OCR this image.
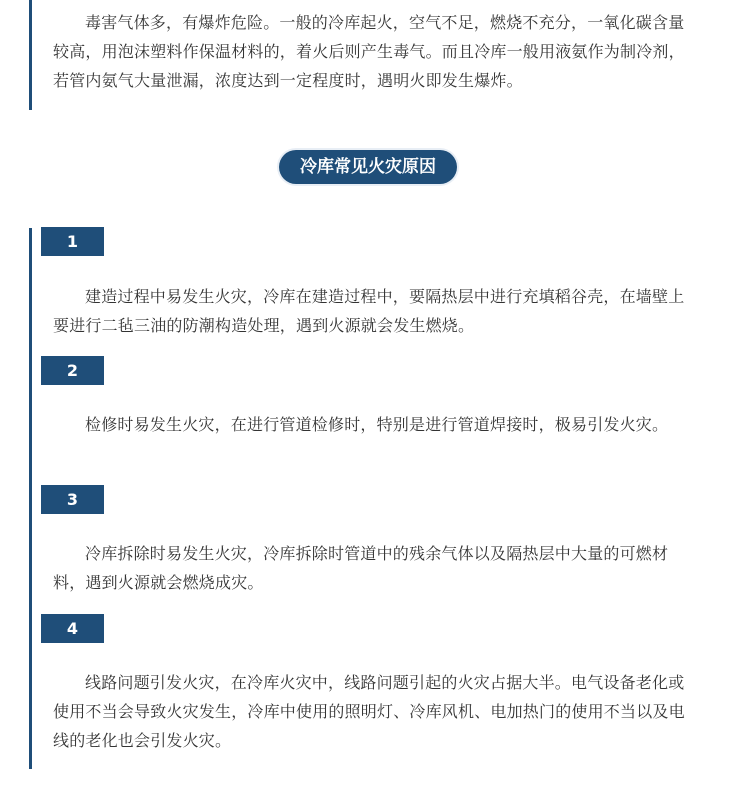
毒害气体多，有爆炸危险。一般的冷库起火，空气不足，燃烧不充分，一氧化碳含量较高，用泡沫塑料作保温材料的，着火后则产生毒气。而且冷库一般用液氨作为制冷剂，若管内氨气大量泄漏，浓度达到一定程度时，遇明火即发生爆炸。

冷库常见火灾原因
1

建造过程中易发生火灾，冷库在建造过程中，要隔热层中进行充填稻谷壳，在墙壁上要进行二毡三油的防潮构造处理，遇到火源就会发生燃烧。

2

检修时易发生火灾，在进行管道检修时，特别是进行管道焊接时，极易引发火灾。

3

冷库拆除时易发生火灾，冷库拆除时管道中的残余气体以及隔热层中大量的可燃材料，遇到火源就会燃烧成灾。

4

线路问题引发火灾，在冷库火灾中，线路问题引起的火灾占据大半。电气设备老化或使用不当会导致火灾发生，冷库中使用的照明灯、冷库风机、电加热门的使用不当以及电线的老化也会引发火灾。
